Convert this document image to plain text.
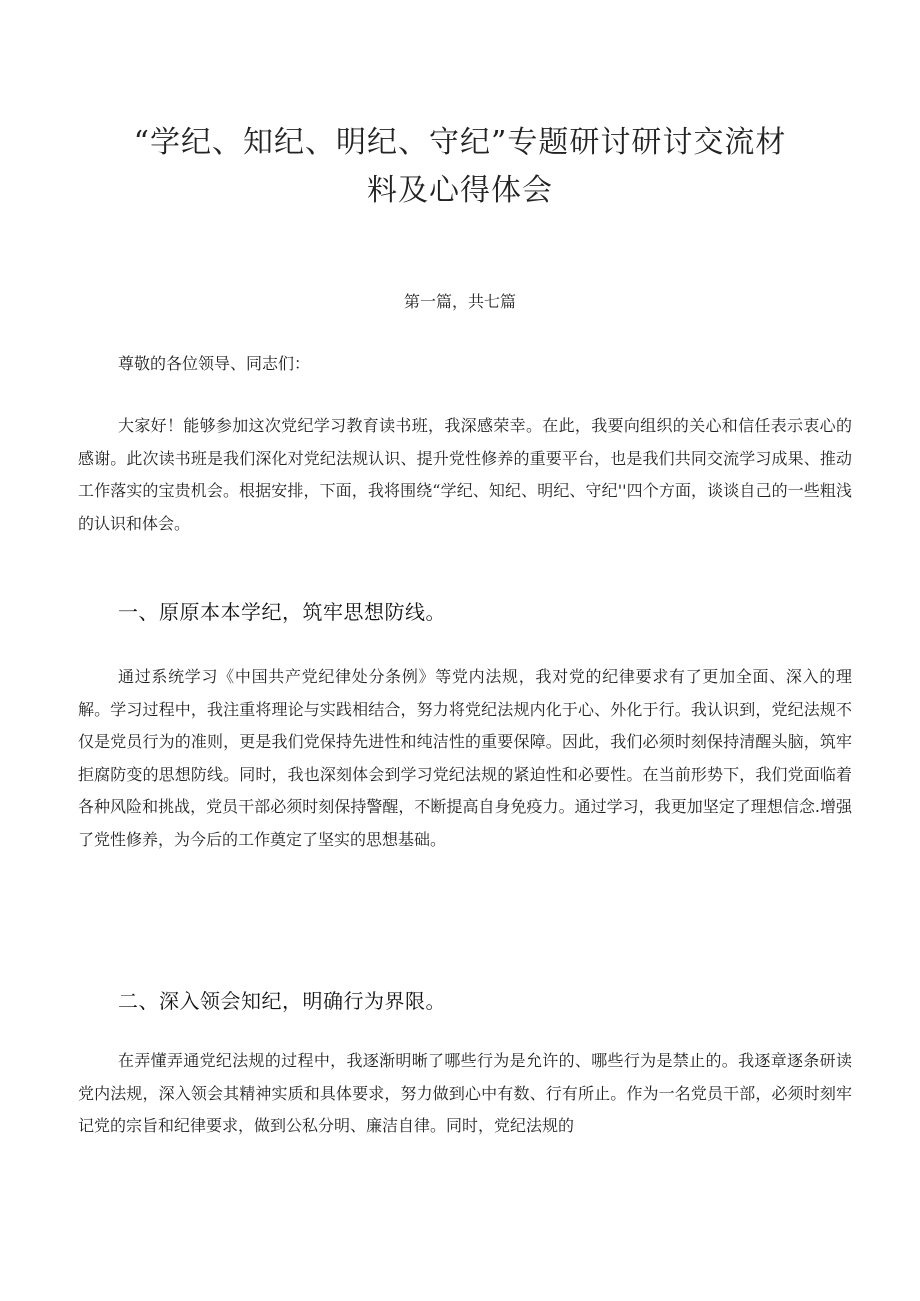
“学纪、知纪、明纪、守纪”专题研讨研讨交流材
料及心得体会
第一篇，共七篇
尊敬的各位领导、同志们：

大家好！能够参加这次党纪学习教育读书班，我深感荣幸。在此，我要向组织的关心和信任表示衷心的感谢。此次读书班是我们深化对党纪法规认识、提升党性修养的重要平台，也是我们共同交流学习成果、推动工作落实的宝贵机会。根据安排，下面，我将围绕“学纪、知纪、明纪、守纪''四个方面，谈谈自己的一些粗浅的认识和体会。

一、原原本本学纪，筑牢思想防线。

通过系统学习《中国共产党纪律处分条例》等党内法规，我对党的纪律要求有了更加全面、深入的理解。学习过程中，我注重将理论与实践相结合，努力将党纪法规内化于心、外化于行。我认识到，党纪法规不仅是党员行为的准则，更是我们党保持先进性和纯洁性的重要保障。因此，我们必须时刻保持清醒头脑，筑牢拒腐防变的思想防线。同时，我也深刻体会到学习党纪法规的紧迫性和必要性。在当前形势下，我们党面临着各种风险和挑战，党员干部必须时刻保持警醒，不断提高自身免疫力。通过学习，我更加坚定了理想信念.增强了党性修养，为今后的工作奠定了坚实的思想基础。

二、深入领会知纪，明确行为界限。

在弄懂弄通党纪法规的过程中，我逐渐明晰了哪些行为是允许的、哪些行为是禁止的。我逐章逐条研读党内法规，深入领会其精神实质和具体要求，努力做到心中有数、行有所止。作为一名党员干部，必须时刻牢记党的宗旨和纪律要求，做到公私分明、廉洁自律。同时，党纪法规的
